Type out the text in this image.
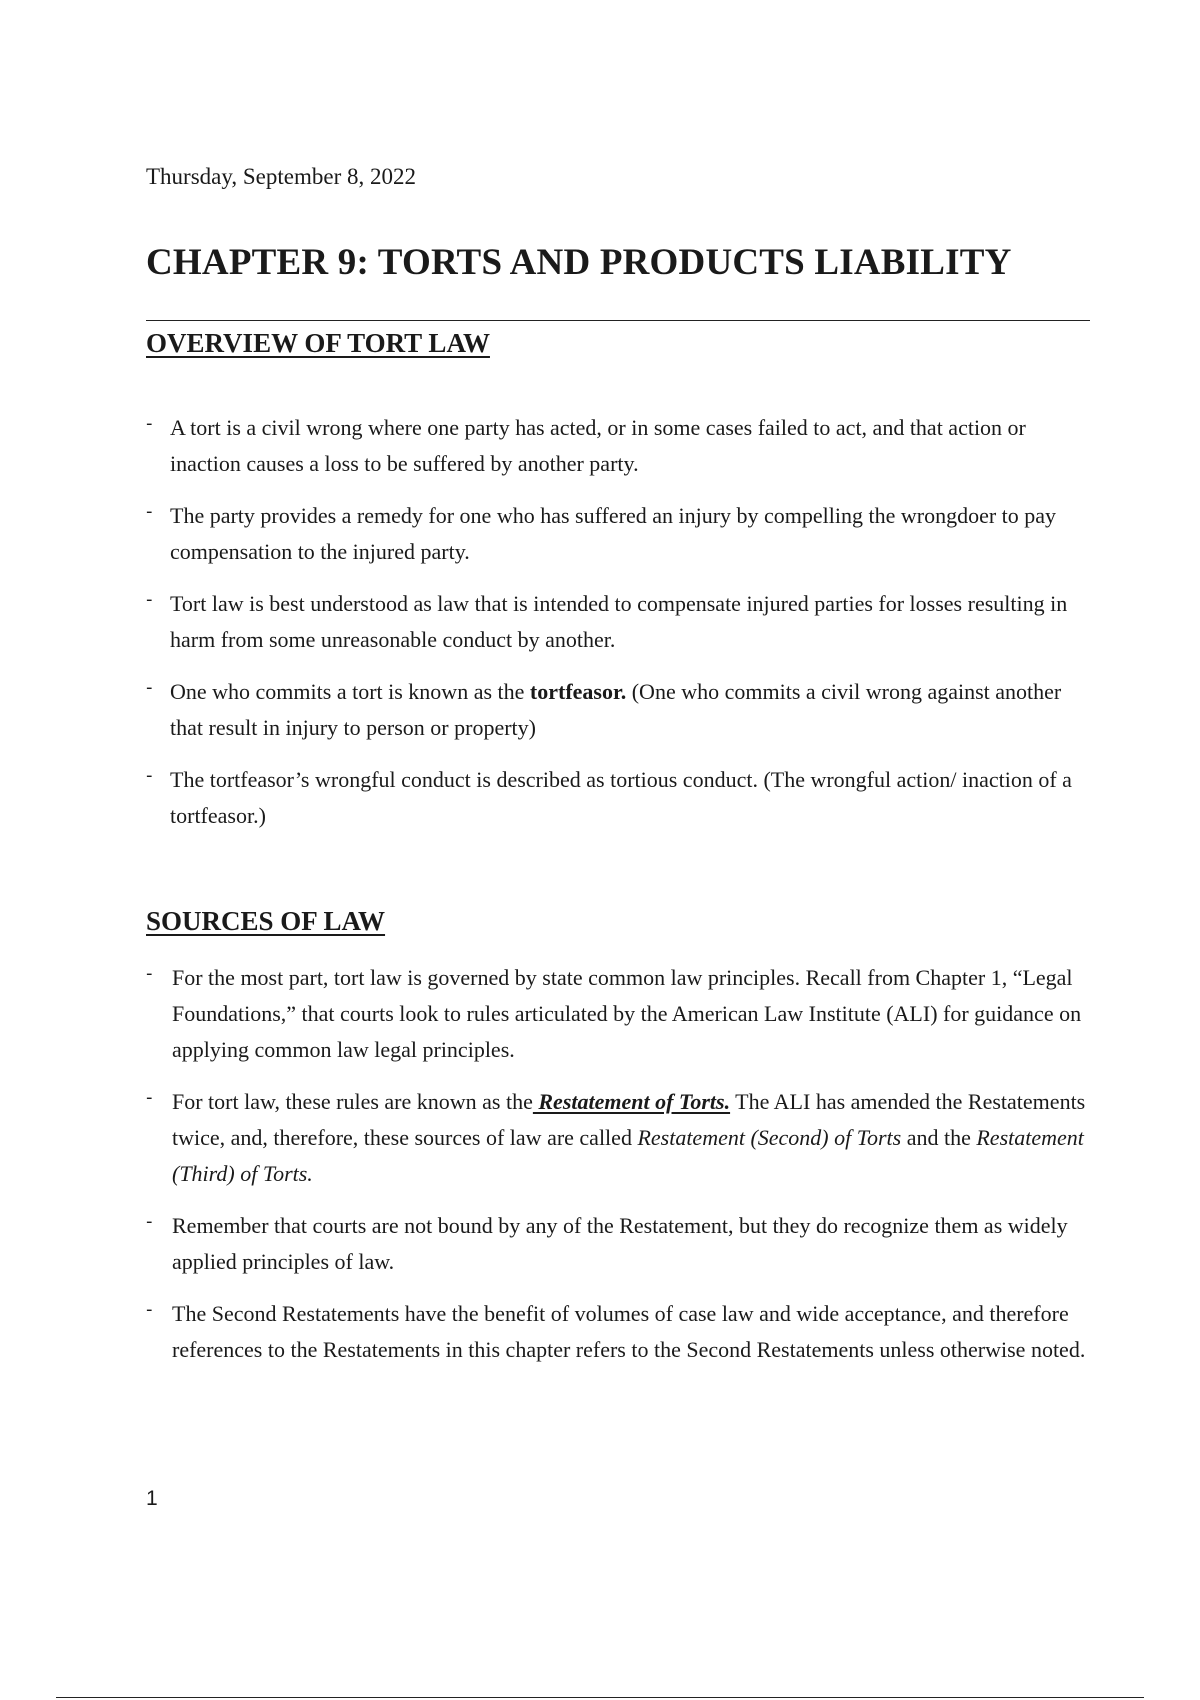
Thursday, September 8, 2022
CHAPTER 9: TORTS AND PRODUCTS LIABILITY
OVERVIEW OF TORT LAW
- A tort is a civil wrong where one party has acted, or in some cases failed to act, and that action or inaction causes a loss to be suffered by another party.
- The party provides a remedy for one who has suffered an injury by compelling the wrongdoer to pay compensation to the injured party.
- Tort law is best understood as law that is intended to compensate injured parties for losses resulting in harm from some unreasonable conduct by another.
- One who commits a tort is known as the tortfeasor. (One who commits a civil wrong against another that result in injury to person or property)
- The tortfeasor’s wrongful conduct is described as tortious conduct. (The wrongful action/ inaction of a tortfeasor.)
SOURCES OF LAW
- For the most part, tort law is governed by state common law principles. Recall from Chapter 1, “Legal Foundations,” that courts look to rules articulated by the American Law Institute (ALI) for guidance on applying common law legal principles.
- For tort law, these rules are known as the Restatement of Torts. The ALI has amended the Restatements twice, and, therefore, these sources of law are called Restatement (Second) of Torts and the Restatement (Third) of Torts.
- Remember that courts are not bound by any of the Restatement, but they do recognize them as widely applied principles of law.
- The Second Restatements have the benefit of volumes of case law and wide acceptance, and therefore references to the Restatements in this chapter refers to the Second Restatements unless otherwise noted.
1
